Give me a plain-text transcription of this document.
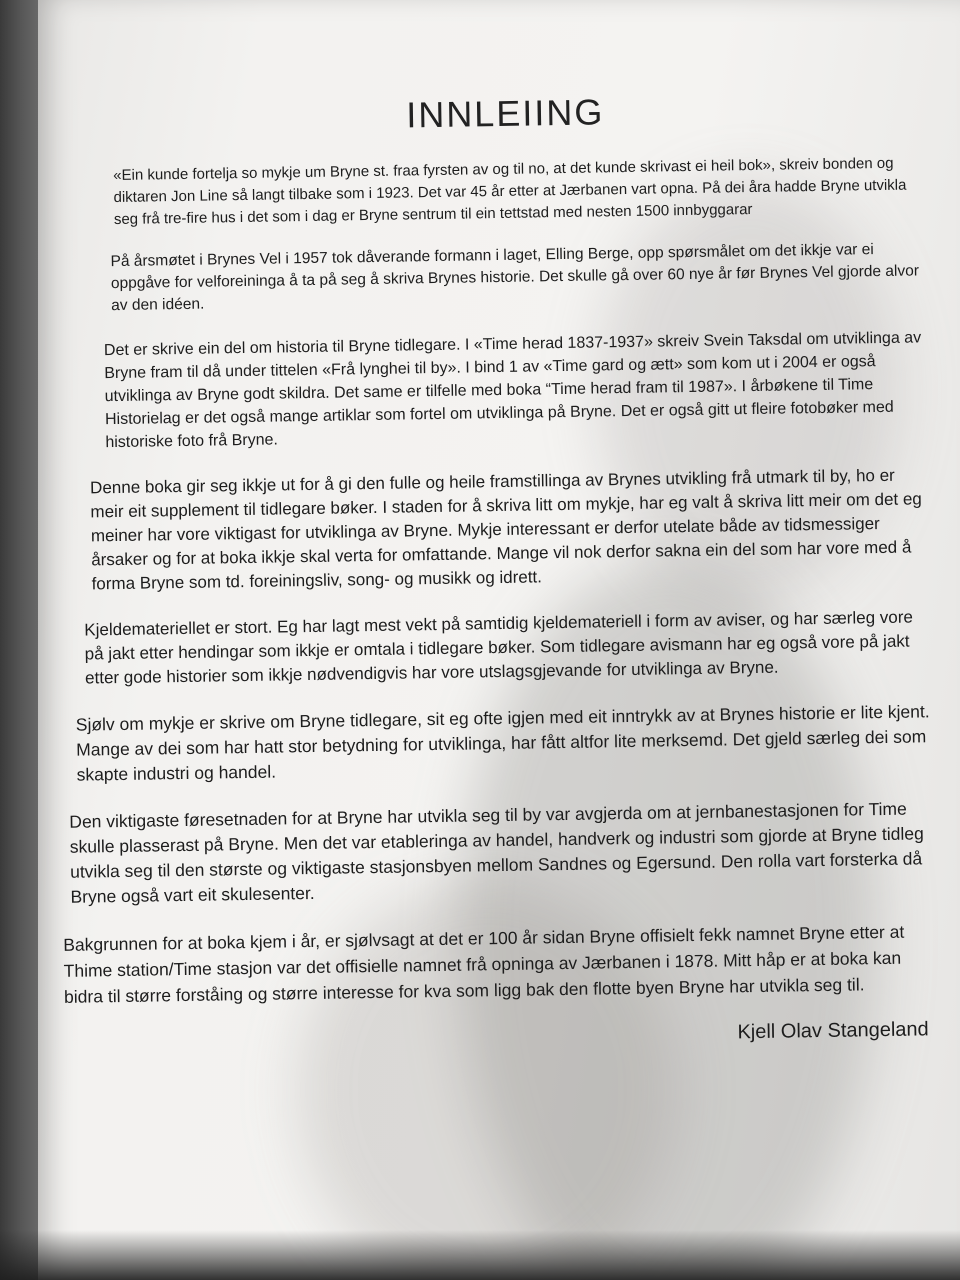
INNLEIING

«Ein kunde fortelja so mykje um Bryne st. fraa fyrsten av og til no, at det kunde skrivast ei heil bok», skreiv bonden og diktaren Jon Line så langt tilbake som i 1923. Det var 45 år etter at Jærbanen vart opna. På dei åra hadde Bryne utvikla seg frå tre-fire hus i det som i dag er Bryne sentrum til ein tettstad med nesten 1500 innbyggarar

På årsmøtet i Brynes Vel i 1957 tok dåverande formann i laget, Elling Berge, opp spørsmålet om det ikkje var ei oppgåve for velforeininga å ta på seg å skriva Brynes historie. Det skulle gå over 60 nye år før Brynes Vel gjorde alvor av den idéen.

Det er skrive ein del om historia til Bryne tidlegare. I «Time herad 1837-1937» skreiv Svein Taksdal om utviklinga av Bryne fram til då under tittelen «Frå lynghei til by». I bind 1 av «Time gard og ætt» som kom ut i 2004 er også utviklinga av Bryne godt skildra. Det same er tilfelle med boka “Time herad fram til 1987». I årbøkene til Time Historielag er det også mange artiklar som fortel om utviklinga på Bryne. Det er også gitt ut fleire fotobøker med historiske foto frå Bryne.

Denne boka gir seg ikkje ut for å gi den fulle og heile framstillinga av Brynes utvikling frå utmark til by, ho er meir eit supplement til tidlegare bøker. I staden for å skriva litt om mykje, har eg valt å skriva litt meir om det eg meiner har vore viktigast for utviklinga av Bryne. Mykje interessant er derfor utelate både av tidsmessiger årsaker og for at boka ikkje skal verta for omfattande. Mange vil nok derfor sakna ein del som har vore med å forma Bryne som td. foreiningsliv, song- og musikk og idrett.

Kjeldemateriellet er stort. Eg har lagt mest vekt på samtidig kjeldemateriell i form av aviser, og har særleg vore på jakt etter hendingar som ikkje er omtala i tidlegare bøker. Som tidlegare avismann har eg også vore på jakt etter gode historier som ikkje nødvendigvis har vore utslagsgjevande for utviklinga av Bryne.

Sjølv om mykje er skrive om Bryne tidlegare, sit eg ofte igjen med eit inntrykk av at Brynes historie er lite kjent. Mange av dei som har hatt stor betydning for utviklinga, har fått altfor lite merksemd. Det gjeld særleg dei som skapte industri og handel.

Den viktigaste føresetnaden for at Bryne har utvikla seg til by var avgjerda om at jernbanestasjonen for Time skulle plasserast på Bryne. Men det var etableringa av handel, handverk og industri som gjorde at Bryne tidleg utvikla seg til den største og viktigaste stasjonsbyen mellom Sandnes og Egersund. Den rolla vart forsterka då Bryne også vart eit skulesenter.

Bakgrunnen for at boka kjem i år, er sjølvsagt at det er 100 år sidan Bryne offisielt fekk namnet Bryne etter at Thime station/Time stasjon var det offisielle namnet frå opninga av Jærbanen i 1878. Mitt håp er at boka kan bidra til større forståing og større interesse for kva som ligg bak den flotte byen Bryne har utvikla seg til.

Kjell Olav Stangeland
